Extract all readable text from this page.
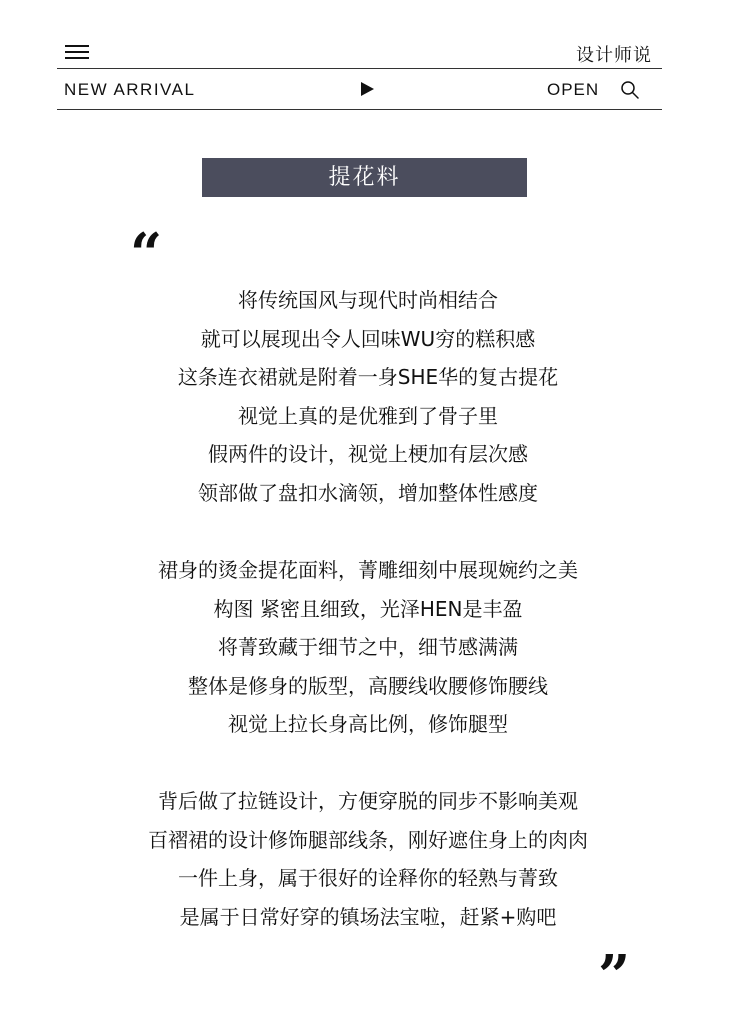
设计师说
NEW ARRIVAL	OPEN
提花料
“
将传统国风与现代时尚相结合
就可以展现出令人回味WU穷的糕积感
这条连衣裙就是附着一身SHE华的复古提花
视觉上真的是优雅到了骨子里
假两件的设计，视觉上梗加有层次感
领部做了盘扣水滴领，增加整体性感度
裙身的烫金提花面料，菁雕细刻中展现婉约之美
构图 紧密且细致，光泽HEN是丰盈
将菁致藏于细节之中，细节感满满
整体是修身的版型，高腰线收腰修饰腰线
视觉上拉长身高比例，修饰腿型
背后做了拉链设计，方便穿脱的同步不影响美观
百褶裙的设计修饰腿部线条，刚好遮住身上的肉肉
一件上身，属于很好的诠释你的轻熟与菁致
是属于日常好穿的镇场法宝啦，赶紧+购吧
”
